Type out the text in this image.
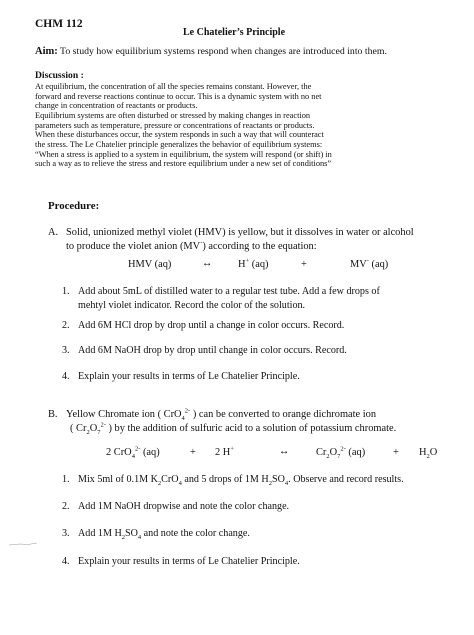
CHM 112
Le Chatelier’s Principle
Aim: To study how equilibrium systems respond when changes are introduced into them.
Discussion :
At equilibrium, the concentration of all the species remains constant. However, the
forward and reverse reactions continue to occur. This is a dynamic system with no net
change in concentration of reactants or products.
Equilibrium systems are often disturbed or stressed by making changes in reaction
parameters such as temperature, pressure or concentrations of reactants or products.
When these disturbances occur, the system responds in such a way that will counteract
the stress. The Le Chatelier principle generalizes the behavior of equilibrium systems:
“When a stress is applied to a system in equilibrium, the system will respond (or shift) in
such a way as to relieve the stress and restore equilibrium under a new set of conditions”
Procedure:
A. Solid, unionized methyl violet (HMV) is yellow, but it dissolves in water or alcohol
to produce the violet anion (MV-) according to the equation:
HMV (aq)	↔ H+ (aq)	+	MV- (aq)
1. Add about 5mL of distilled water to a regular test tube. Add a few drops of
mehtyl violet indicator. Record the color of the solution.
2. Add 6M HCl drop by drop until a change in color occurs. Record.
3. Add 6M NaOH drop by drop until change in color occurs. Record.
4. Explain your results in terms of Le Chatelier Principle.
B. Yellow Chromate ion ( CrO$_4^{2-}$ ) can be converted to orange dichromate ion
( $Cr_2O_7^{2-}$ ) by the addition of sulfuric acid to a solution of potassium chromate.
2 CrO$_4^{2-}$ (aq)	+ 2 H+	↔	$Cr_2O_7^{2-}$ (aq)	+ $H_2O$
1. Mix 5ml of 0.1M $K_2CrO_4$ and 5 drops of 1M $H_2SO_4$. Observe and record results.
2. Add 1M NaOH dropwise and note the color change.
3. Add 1M $H_2SO_4$ and note the color change.
4. Explain your results in terms of Le Chatelier Principle.
